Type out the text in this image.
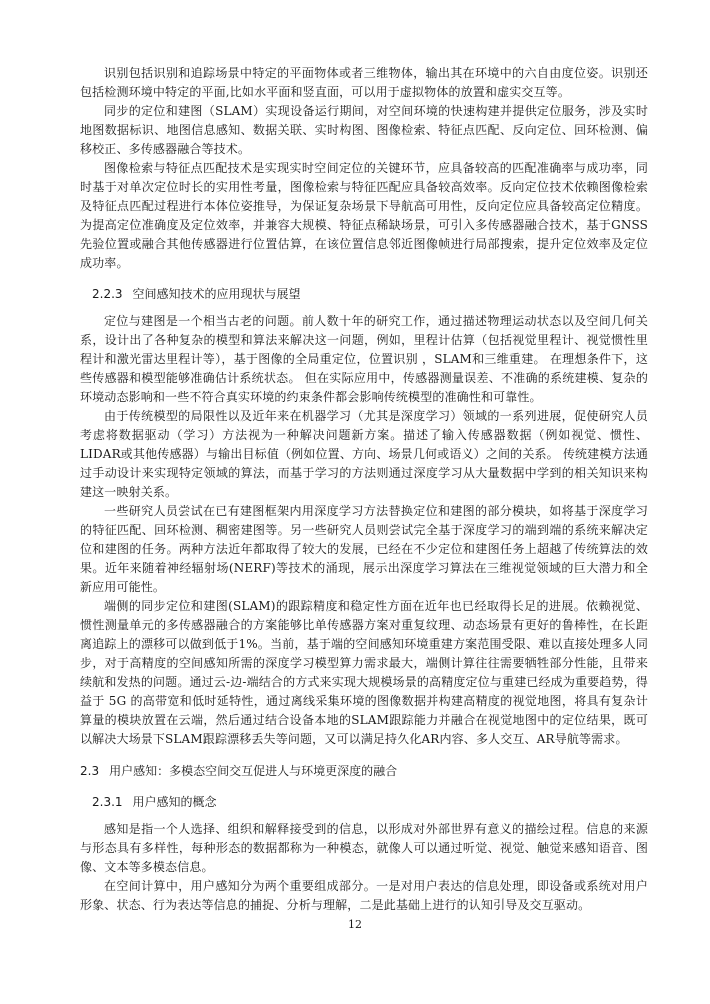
识别包括识别和追踪场景中特定的平面物体或者三维物体，输出其在环境中的六自由度位姿。识别还包括检测环境中特定的平面,比如水平面和竖直面，可以用于虚拟物体的放置和虚实交互等。

同步的定位和建图（SLAM）实现设备运行期间，对空间环境的快速构建并提供定位服务，涉及实时地图数据标识、地图信息感知、数据关联、实时构图、图像检索、特征点匹配、反向定位、回环检测、偏移校正、多传感器融合等技术。

图像检索与特征点匹配技术是实现实时空间定位的关键环节，应具备较高的匹配准确率与成功率，同时基于对单次定位时长的实用性考量，图像检索与特征匹配应具备较高效率。反向定位技术依赖图像检索及特征点匹配过程进行本体位姿推导，为保证复杂场景下导航高可用性，反向定位应具备较高定位精度。为提高定位准确度及定位效率，并兼容大规模、特征点稀缺场景，可引入多传感器融合技术，基于GNSS先验位置或融合其他传感器进行位置估算，在该位置信息邻近图像帧进行局部搜索，提升定位效率及定位成功率。

2.2.3 空间感知技术的应用现状与展望

定位与建图是一个相当古老的问题。前人数十年的研究工作，通过描述物理运动状态以及空间几何关系，设计出了各种复杂的模型和算法来解决这一问题，例如，里程计估算（包括视觉里程计、视觉惯性里程计和激光雷达里程计等），基于图像的全局重定位，位置识别 ，SLAM和三维重建。 在理想条件下，这些传感器和模型能够准确估计系统状态。 但在实际应用中，传感器测量误差、不准确的系统建模、复杂的环境动态影响和一些不符合真实环境的约束条件都会影响传统模型的准确性和可靠性。

由于传统模型的局限性以及近年来在机器学习（尤其是深度学习）领域的一系列进展，促使研究人员考虑将数据驱动（学习）方法视为一种解决问题新方案。描述了输入传感器数据（例如视觉、惯性、LIDAR或其他传感器）与输出目标值（例如位置、方向、场景几何或语义）之间的关系。 传统建模方法通过手动设计来实现特定领域的算法，而基于学习的方法则通过深度学习从大量数据中学到的相关知识来构建这一映射关系。

一些研究人员尝试在已有建图框架内用深度学习方法替换定位和建图的部分模块，如将基于深度学习的特征匹配、回环检测、稠密建图等。另一些研究人员则尝试完全基于深度学习的端到端的系统来解决定位和建图的任务。两种方法近年都取得了较大的发展，已经在不少定位和建图任务上超越了传统算法的效果。近年来随着神经辐射场(NERF)等技术的涌现，展示出深度学习算法在三维视觉领域的巨大潜力和全新应用可能性。

端侧的同步定位和建图(SLAM)的跟踪精度和稳定性方面在近年也已经取得长足的进展。依赖视觉、惯性测量单元的多传感器融合的方案能够比单传感器方案对重复纹理、动态场景有更好的鲁棒性，在长距离追踪上的漂移可以做到低于1%。当前，基于端的空间感知环境重建方案范围受限、难以直接处理多人同步，对于高精度的空间感知所需的深度学习模型算力需求最大，端侧计算往往需要牺牲部分性能，且带来续航和发热的问题。通过云-边-端结合的方式来实现大规模场景的高精度定位与重建已经成为重要趋势，得益于 5G 的高带宽和低时延特性，通过离线采集环境的图像数据并构建高精度的视觉地图，将具有复杂计算量的模块放置在云端，然后通过结合设备本地的SLAM跟踪能力并融合在视觉地图中的定位结果，既可以解决大场景下SLAM跟踪漂移丢失等问题，又可以满足持久化AR内容、多人交互、AR导航等需求。

2.3 用户感知：多模态空间交互促进人与环境更深度的融合
2.3.1 用户感知的概念

感知是指一个人选择、组织和解释接受到的信息，以形成对外部世界有意义的描绘过程。信息的来源与形态具有多样性，每种形态的数据都称为一种模态，就像人可以通过听觉、视觉、触觉来感知语音、图像、文本等多模态信息。

在空间计算中，用户感知分为两个重要组成部分。一是对用户表达的信息处理，即设备或系统对用户形象、状态、行为表达等信息的捕捉、分析与理解，二是此基础上进行的认知引导及交互驱动。

12
